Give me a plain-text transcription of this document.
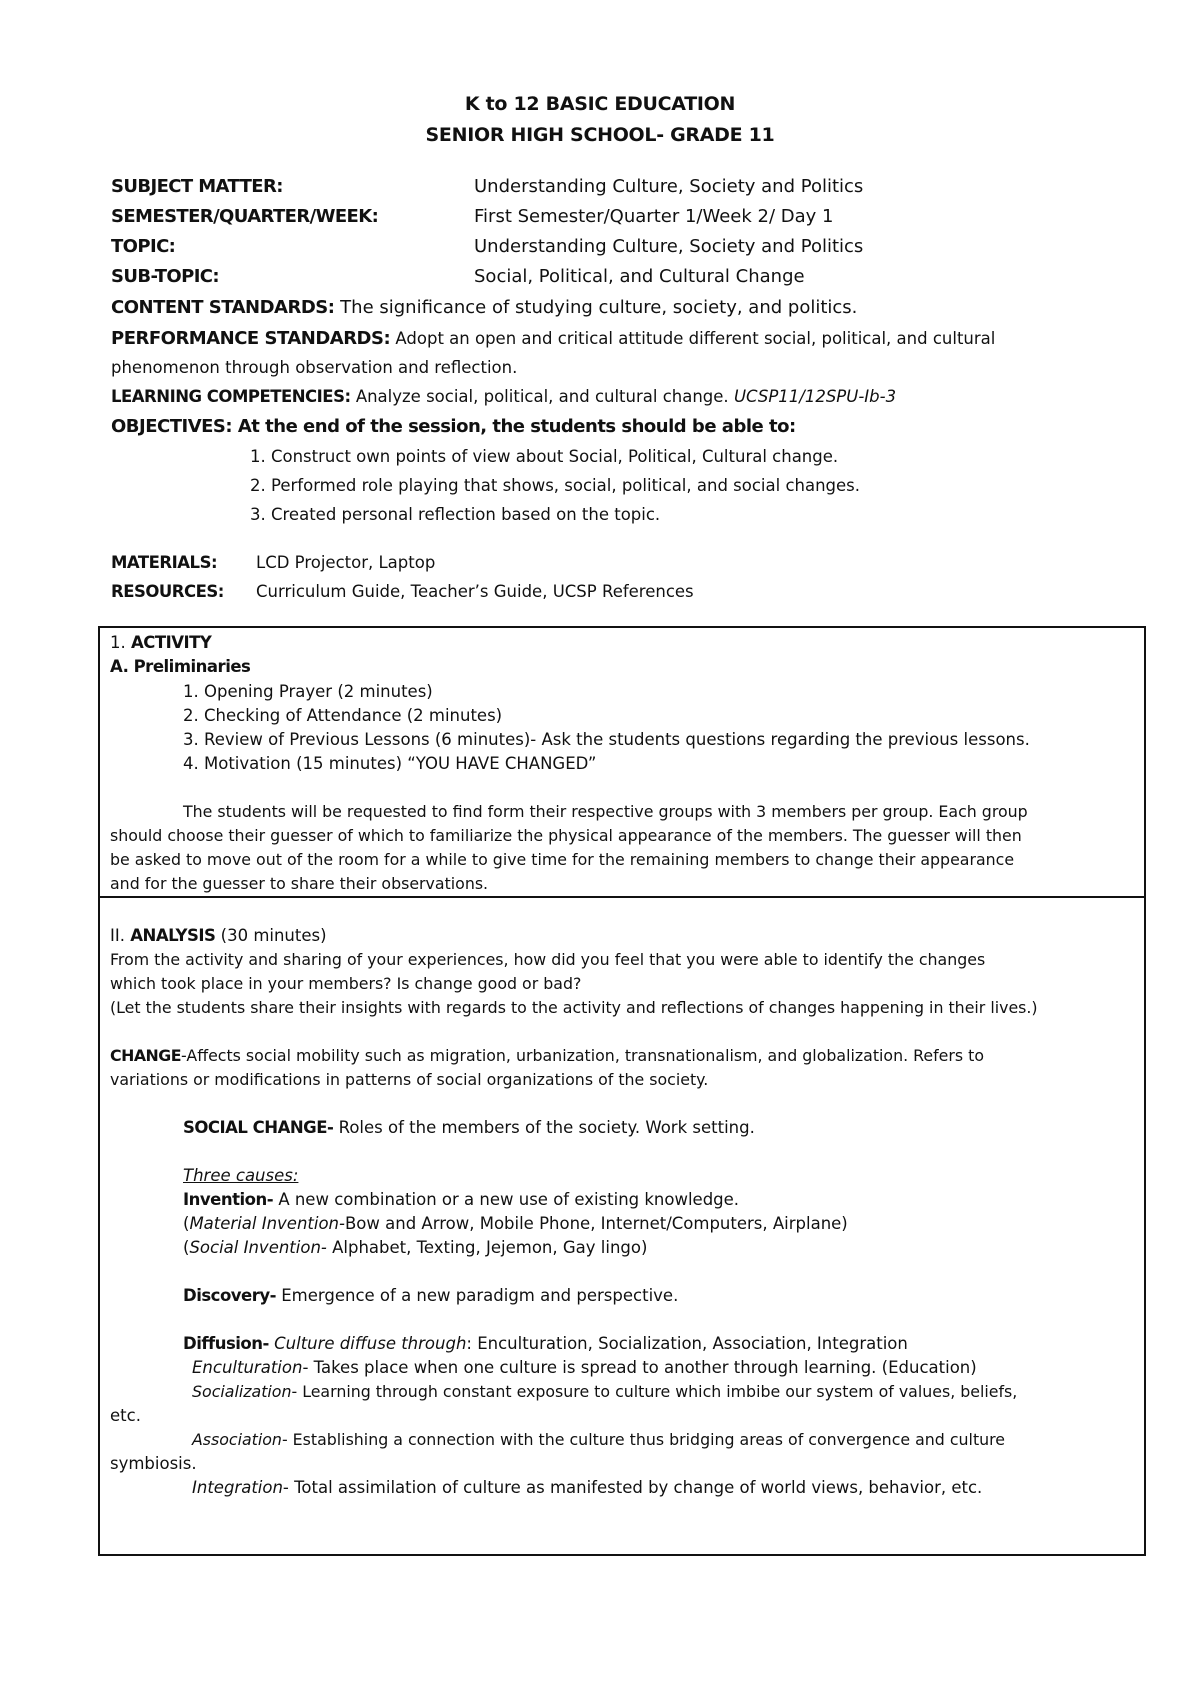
K to 12 BASIC EDUCATION
SENIOR HIGH SCHOOL- GRADE 11
SUBJECT MATTER:	Understanding Culture, Society and Politics
SEMESTER/QUARTER/WEEK:	First Semester/Quarter 1/Week 2/ Day 1
TOPIC:	Understanding Culture, Society and Politics
SUB-TOPIC:	Social, Political, and Cultural Change
CONTENT STANDARDS: The significance of studying culture, society, and politics.
PERFORMANCE STANDARDS: Adopt an open and critical attitude different social, political, and cultural
phenomenon through observation and reflection.
LEARNING COMPETENCIES: Analyze social, political, and cultural change. UCSP11/12SPU-Ib-3
OBJECTIVES: At the end of the session, the students should be able to:
1. Construct own points of view about Social, Political, Cultural change.
2. Performed role playing that shows, social, political, and social changes.
3. Created personal reflection based on the topic.
MATERIALS: LCD Projector, Laptop
RESOURCES: Curriculum Guide, Teacher’s Guide, UCSP References
1. ACTIVITY
A. Preliminaries
1. Opening Prayer (2 minutes)
2. Checking of Attendance (2 minutes)
3. Review of Previous Lessons (6 minutes)- Ask the students questions regarding the previous lessons.
4. Motivation (15 minutes) “YOU HAVE CHANGED”
The students will be requested to find form their respective groups with 3 members per group. Each group
should choose their guesser of which to familiarize the physical appearance of the members. The guesser will then
be asked to move out of the room for a while to give time for the remaining members to change their appearance
and for the guesser to share their observations.
II. ANALYSIS (30 minutes)
From the activity and sharing of your experiences, how did you feel that you were able to identify the changes
which took place in your members? Is change good or bad?
(Let the students share their insights with regards to the activity and reflections of changes happening in their lives.)
CHANGE-Affects social mobility such as migration, urbanization, transnationalism, and globalization. Refers to
variations or modifications in patterns of social organizations of the society.
SOCIAL CHANGE- Roles of the members of the society. Work setting.
Three causes:
Invention- A new combination or a new use of existing knowledge.
(Material Invention-Bow and Arrow, Mobile Phone, Internet/Computers, Airplane)
(Social Invention- Alphabet, Texting, Jejemon, Gay lingo)
Discovery- Emergence of a new paradigm and perspective.
Diffusion- Culture diffuse through: Enculturation, Socialization, Association, Integration
Enculturation- Takes place when one culture is spread to another through learning. (Education)
Socialization- Learning through constant exposure to culture which imbibe our system of values, beliefs,
etc.
Association- Establishing a connection with the culture thus bridging areas of convergence and culture
symbiosis.
Integration- Total assimilation of culture as manifested by change of world views, behavior, etc.
